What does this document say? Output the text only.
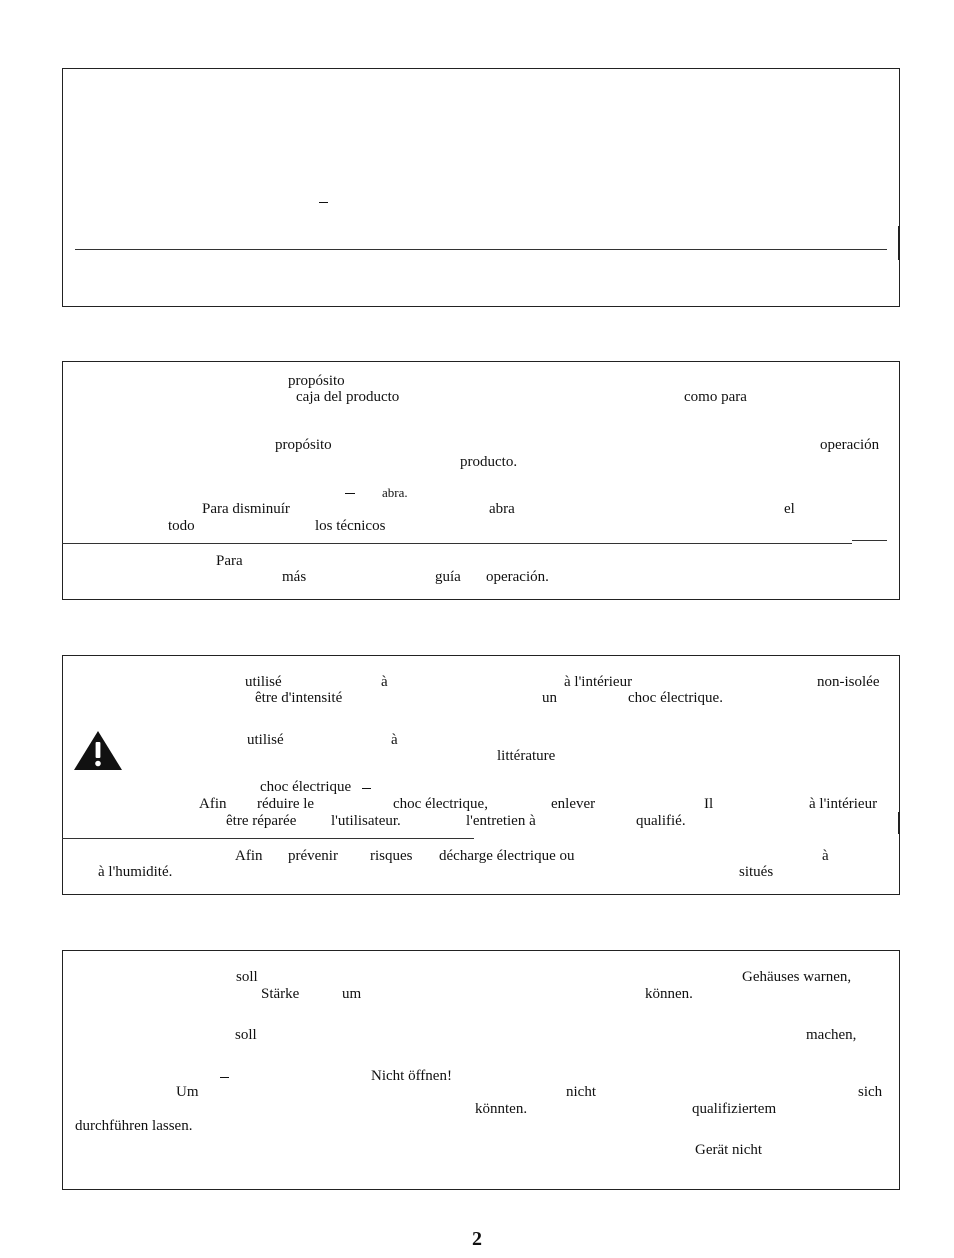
propósito
caja del producto	como para
propósito	operación
producto.
abra.
Para disminuír	abra	el
todo	los técnicos
Para
más	guía operación.
utilisé	à	à l'intérieur	non-isolée
être d'intensité	un	choc électrique.
utilisé	à
littérature
choc électrique
Afin réduire le	choc électrique,	enlever	Il	à l'intérieur
être réparée l'utilisateur.	l'entretien à	qualifié.
Afin prévenir risques décharge électrique ou	à
à l'humidité.	situés
soll	Gehäuses warnen,
Stärke	um	können.
soll	machen,
Nicht öffnen!
Um	nicht	sich
könnten.	qualifiziertem
durchführen lassen.
Gerät nicht
2
